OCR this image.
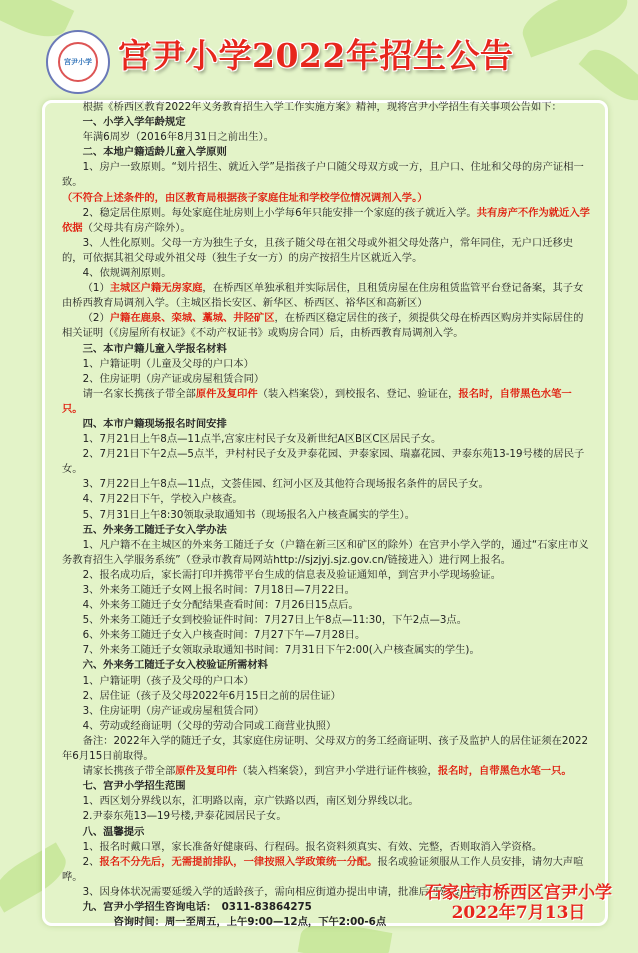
宫尹小学 宫尹小学2022年招生公告

根据《桥西区教育2022年义务教育招生入学工作实施方案》精神，现将宫尹小学招生有关事项公告如下：

一、小学入学年龄规定

年满6周岁（2016年8月31日之前出生）。

二、本地户籍适龄儿童入学原则

1、房户一致原则。“划片招生、就近入学”是指孩子户口随父母双方或一方，且户口、住址和父母的房产证相一致。

（不符合上述条件的，由区教育局根据孩子家庭住址和学校学位情况调剂入学。）

2、稳定居住原则。每处家庭住址房则上小学每6年只能安排一个家庭的孩子就近入学。共有房产不作为就近入学依据（父母共有房产除外）。

3、人性化原则。父母一方为独生子女，且孩子随父母在祖父母或外祖父母处落户，常年同住，无户口迁移史的，可依据其祖父母或外祖父母（独生子女一方）的房产按招生片区就近入学。

4、依规调剂原则。

（1）主城区户籍无房家庭，在桥西区单独承租并实际居住，且租赁房屋在住房租赁监管平台登记备案，其子女由桥西教育局调剂入学。（主城区指长安区、新华区、桥西区、裕华区和高新区）

（2）户籍在鹿泉、栾城、藁城、井陉矿区，在桥西区稳定居住的孩子，须提供父母在桥西区购房并实际居住的相关证明（《房屋所有权证》《不动产权证书》或购房合同）后，由桥西教育局调剂入学。

三、本市户籍儿童入学报名材料

1、户籍证明（儿童及父母的户口本）

2、住房证明（房产证或房屋租赁合同）

请一名家长携孩子带全部原件及复印件（装入档案袋），到校报名、登记、验证在，报名时，自带黑色水笔一只。

四、本市户籍现场报名时间安排

1、7月21日上午8点—11点半,宫家庄村民子女及新世纪A区B区C区居民子女。

2、7月21日下午2点—5点半，尹村村民子女及尹泰花园、尹泰家园、瑞嘉花园、尹泰东苑13-19号楼的居民子女。

3、7月22日上午8点—11点，文荟佳园、红河小区及其他符合现场报名条件的居民子女。

4、7月22日下午，学校入户核查。

5、7月31日上午8:30领取录取通知书（现场报名入户核查属实的学生）。

五、外来务工随迁子女入学办法

1、凡户籍不在主城区的外来务工随迁子女（户籍在新三区和矿区的除外）在宫尹小学入学的，通过“石家庄市义务教育招生入学服务系统”（登录市教育局网站http://sjzjyj.sjz.gov.cn/链接进入）进行网上报名。

2、报名成功后，家长需打印并携带平台生成的信息表及验证通知单，到宫尹小学现场验证。

3、外来务工随迁子女网上报名时间：7月18日—7月22日。

4、外来务工随迁子女分配结果查看时间：7月26日15点后。

5、外来务工随迁子女到校验证件时间：7月27日上午8点—11:30，下午2点—3点。

6、外来务工随迁子女入户核查时间：7月27下午—7月28日。

7、外来务工随迁子女领取录取通知书时间：7月31日下午2:00(入户核查属实的学生)。

六、外来务工随迁子女入校验证所需材料

1、户籍证明（孩子及父母的户口本）

2、居住证（孩子及父母2022年6月15日之前的居住证）

3、住房证明（房产证或房屋租赁合同）

4、劳动或经商证明（父母的劳动合同或工商营业执照）

备注：2022年入学的随迁子女，其家庭住房证明、父母双方的务工经商证明、孩子及监护人的居住证须在2022年6月15日前取得。

请家长携孩子带全部原件及复印件（装入档案袋），到宫尹小学进行证件核验，报名时，自带黑色水笔一只。

七、宫尹小学招生范围

1、西区划分界线以东，汇明路以南，京广铁路以西，南区划分界线以北。

2.尹泰东苑13—19号楼,尹泰花园居民子女。

八、温馨提示

1、报名时戴口罩，家长准备好健康码、行程码。报名资料须真实、有效、完整，否则取消入学资格。

2、报名不分先后，无需提前排队，一律按照入学政策统一分配。报名或验证须服从工作人员安排，请勿大声喧哗。

3、因身体状况需要延缓入学的适龄孩子，需向相应街道办提出申请，批准后可延缓入学。

九、宫尹小学招生咨询电话：　0311-83864275

咨询时间：周一至周五，上午9:00—12点，下午2:00-6点

石家庄市桥西区宫尹小学
2022年7月13日
